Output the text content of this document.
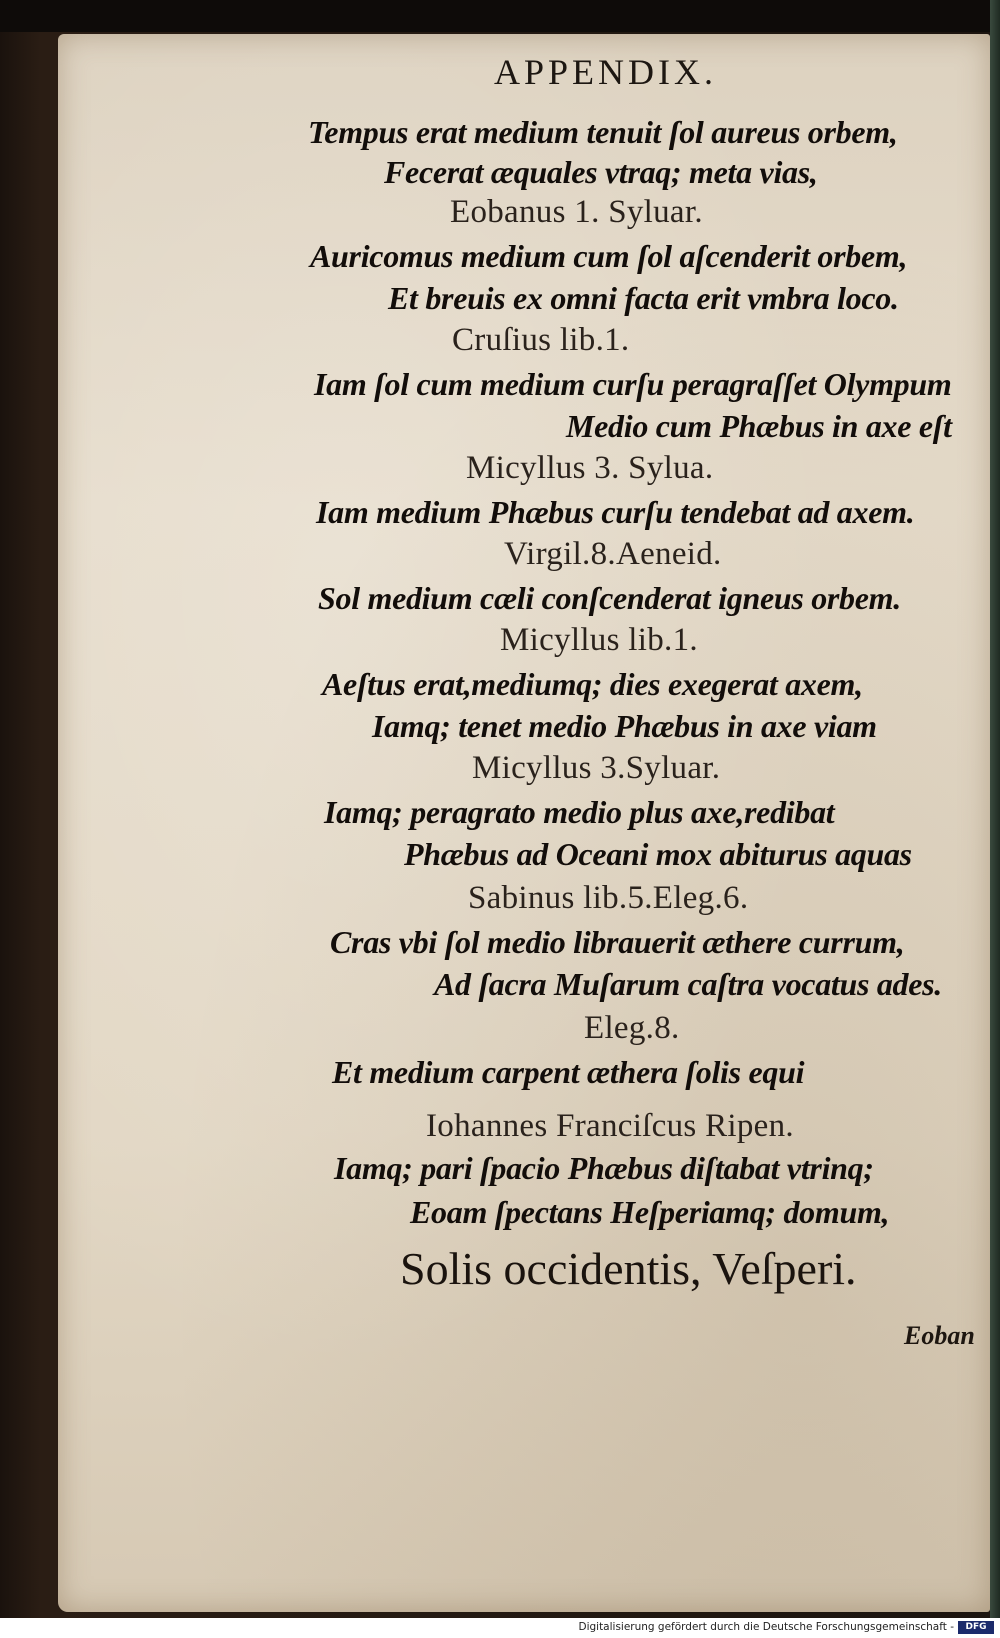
APPENDIX.
Tempus erat medium tenuit ſol aureus orbem,
Fecerat æquales vtraq; meta vias,
Eobanus 1. Syluar.
Auricomus medium cum ſol aſcenderit orbem,
Et breuis ex omni facta erit vmbra loco.
Cruſius lib.1.
Iam ſol cum medium curſu peragraſſet Olympum
Medio cum Phæbus in axe eſt
Micyllus 3. Sylua.
Iam medium Phæbus curſu tendebat ad axem.
Virgil.8.Aeneid.
Sol medium cæli conſcenderat igneus orbem.
Micyllus lib.1.
Aeſtus erat,mediumq; dies exegerat axem,
Iamq; tenet medio Phæbus in axe viam
Micyllus 3.Syluar.
Iamq; peragrato medio plus axe,redibat
Phæbus ad Oceani mox abiturus aquas
Sabinus lib.5.Eleg.6.
Cras vbi ſol medio librauerit æthere currum,
Ad ſacra Muſarum caſtra vocatus ades.
Eleg.8.
Et medium carpent æthera ſolis equi
Iohannes Franciſcus Ripen.
Iamq; pari ſpacio Phæbus diſtabat vtrinq;
Eoam ſpectans Heſperiamq; domum,
Solis occidentis, Veſperi.
Eoban
Digitalisierung gefördert durch die Deutsche Forschungsgemeinschaft -	DFG
